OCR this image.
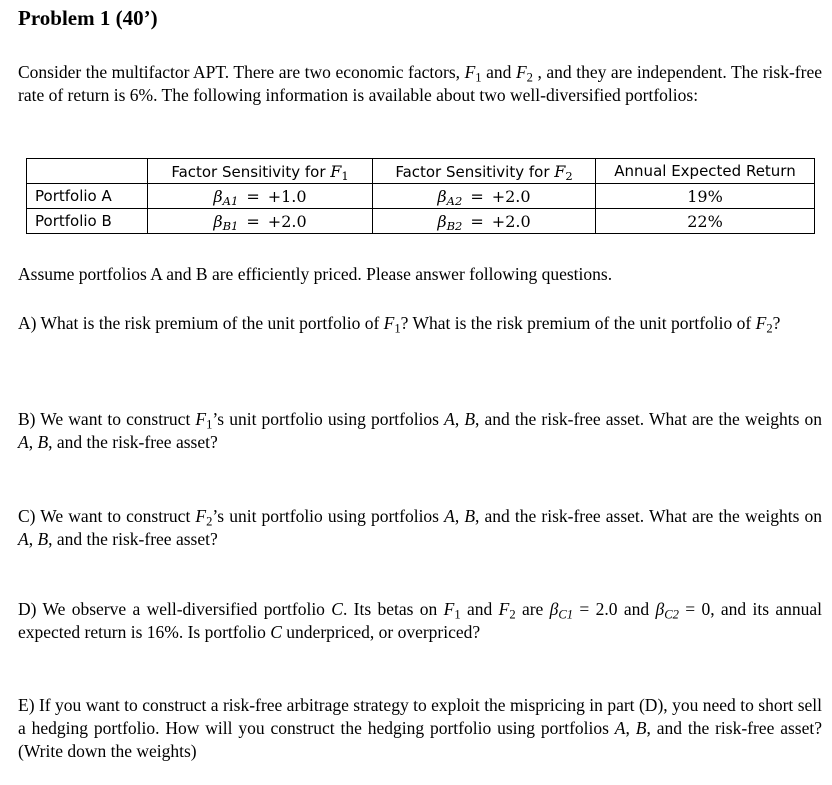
Problem 1 (40’)
Consider the multifactor APT. There are two economic factors, $F_1$ and $F_2$ , and they are independent. The risk-free rate of return is 6%. The following information is available about two well-diversified portfolios:
	Factor Sensitivity for $F_1$	Factor Sensitivity for $F_2$	Annual Expected Return
Portfolio A	$\beta_{A1} = +1.0$	$\beta_{A2} = +2.0$	19%
Portfolio B	$\beta_{B1} = +2.0$	$\beta_{B2} = +2.0$	22%
Assume portfolios A and B are efficiently priced. Please answer following questions.
A) What is the risk premium of the unit portfolio of $F_1$? What is the risk premium of the unit portfolio of $F_2$?
B) We want to construct $F_1’s$ unit portfolio using portfolios A, B, and the risk-free asset. What are the weights on A, B, and the risk-free asset?
C) We want to construct $F_2’s$ unit portfolio using portfolios A, B, and the risk-free asset. What are the weights on A, B, and the risk-free asset?
D) We observe a well-diversified portfolio C. Its betas on $F_1$ and $F_2$ are $\beta_{C1} = 2.0$ and $\beta_{C2} = 0$, and its annual expected return is 16%. Is portfolio C underpriced, or overpriced?
E) If you want to construct a risk-free arbitrage strategy to exploit the mispricing in part (D), you need to short sell a hedging portfolio. How will you construct the hedging portfolio using portfolios A, B, and the risk-free asset? (Write down the weights)
